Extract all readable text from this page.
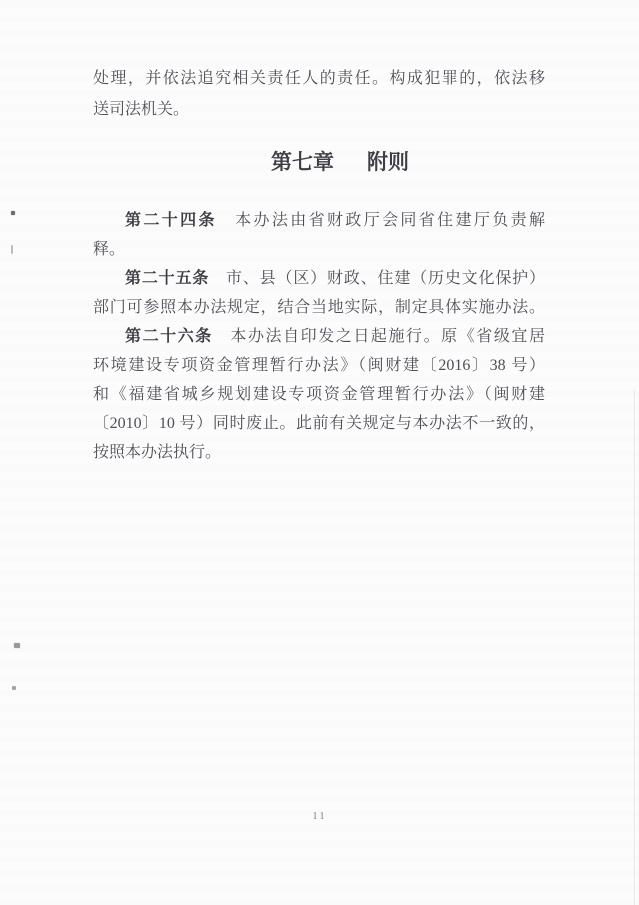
处理，并依法追究相关责任人的责任。构成犯罪的，依法移
送司法机关。
第七章 附则
第二十四条　本办法由省财政厅会同省住建厅负责解
释。
第二十五条　市、县（区）财政、住建（历史文化保护）
部门可参照本办法规定，结合当地实际，制定具体实施办法。
第二十六条　本办法自印发之日起施行。原《省级宜居
环境建设专项资金管理暂行办法》（闽财建〔2016〕38 号）
和《福建省城乡规划建设专项资金管理暂行办法》（闽财建
〔2010〕10 号）同时废止。此前有关规定与本办法不一致的，
按照本办法执行。
11
